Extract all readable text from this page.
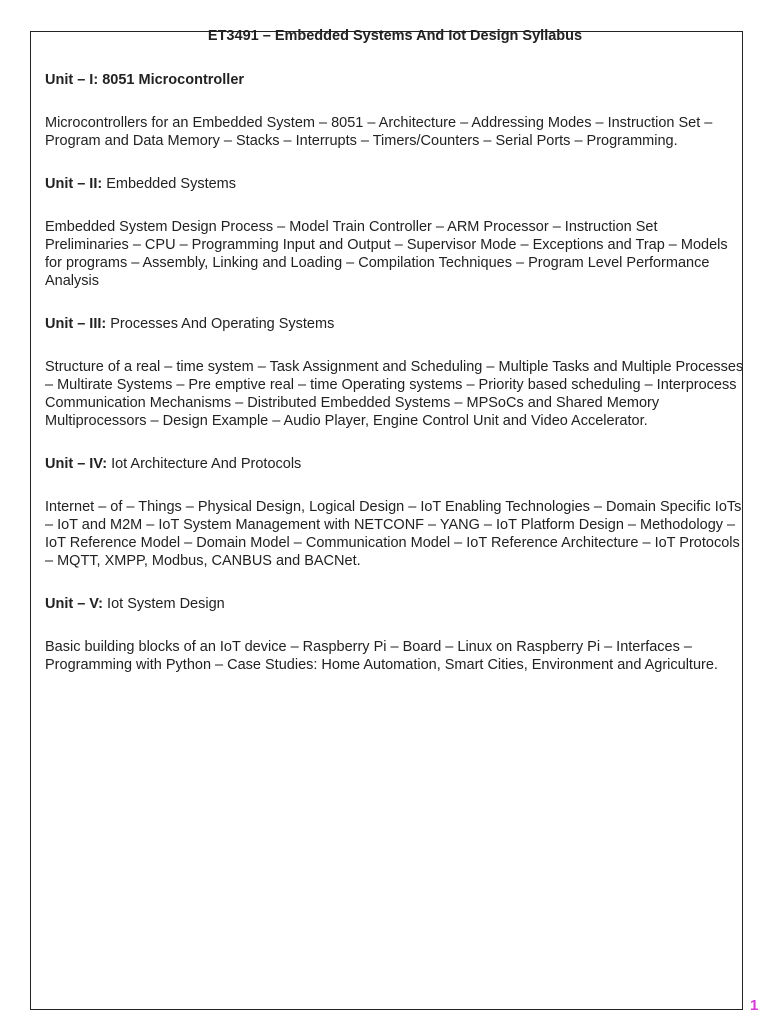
ET3491 – Embedded Systems And Iot Design Syllabus

Unit – I: 8051 Microcontroller

Microcontrollers for an Embedded System – 8051 – Architecture – Addressing Modes – Instruction Set – Program and Data Memory – Stacks – Interrupts – Timers/Counters – Serial Ports – Programming.

Unit – II: Embedded Systems

Embedded System Design Process – Model Train Controller – ARM Processor – Instruction Set Preliminaries – CPU – Programming Input and Output – Supervisor Mode – Exceptions and Trap – Models for programs – Assembly, Linking and Loading – Compilation Techniques – Program Level Performance Analysis

Unit – III: Processes And Operating Systems

Structure of a real – time system – Task Assignment and Scheduling – Multiple Tasks and Multiple Processes – Multirate Systems – Pre emptive real – time Operating systems – Priority based scheduling – Interprocess Communication Mechanisms – Distributed Embedded Systems – MPSoCs and Shared Memory Multiprocessors – Design Example – Audio Player, Engine Control Unit and Video Accelerator.

Unit – IV: Iot Architecture And Protocols

Internet – of – Things – Physical Design, Logical Design – IoT Enabling Technologies – Domain Specific IoTs – IoT and M2M – IoT System Management with NETCONF – YANG – IoT Platform Design – Methodology – IoT Reference Model – Domain Model – Communication Model – IoT Reference Architecture – IoT Protocols – MQTT, XMPP, Modbus, CANBUS and BACNet.

Unit – V: Iot System Design

Basic building blocks of an IoT device – Raspberry Pi – Board – Linux on Raspberry Pi – Interfaces – Programming with Python – Case Studies: Home Automation, Smart Cities, Environment and Agriculture.

1
